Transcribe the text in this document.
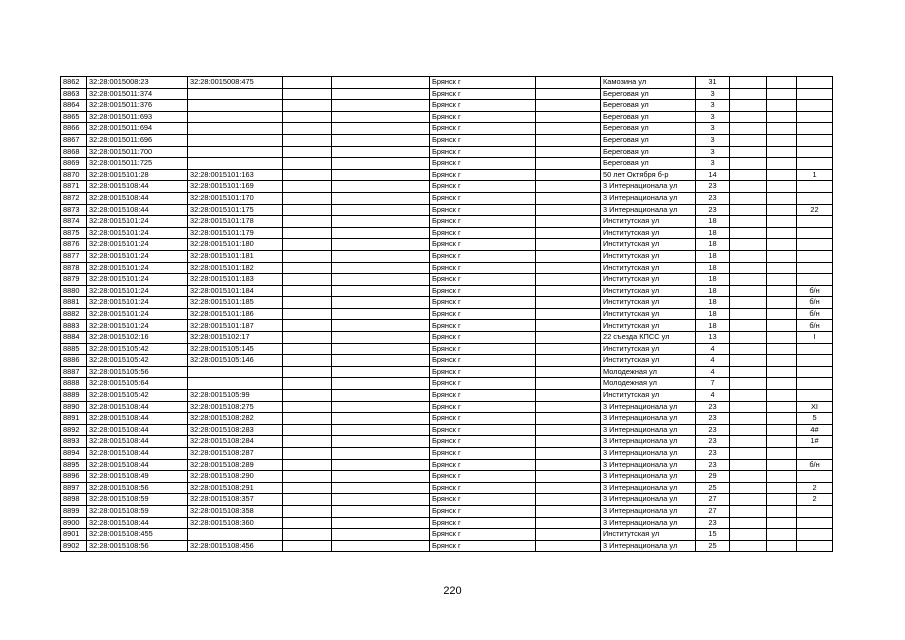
8862	32:28:0015008:23	32:28:0015008:475			Брянск г		Камозина ул	31			
8863	32:28:0015011:374				Брянск г		Береговая ул	3			
8864	32:28:0015011:376				Брянск г		Береговая ул	3			
8865	32:28:0015011:693				Брянск г		Береговая ул	3			
8866	32:28:0015011:694				Брянск г		Береговая ул	3			
8867	32:28:0015011:696				Брянск г		Береговая ул	3			
8868	32:28:0015011:700				Брянск г		Береговая ул	3			
8869	32:28:0015011:725				Брянск г		Береговая ул	3			
8870	32:28:0015101:28	32:28:0015101:163			Брянск г		50 лет Октября б-р	14			1
8871	32:28:0015108:44	32:28:0015101:169			Брянск г		3 Интернационала ул	23			
8872	32:28:0015108:44	32:28:0015101:170			Брянск г		3 Интернационала ул	23			
8873	32:28:0015108:44	32:28:0015101:175			Брянск г		3 Интернационала ул	23			22
8874	32:28:0015101:24	32:28:0015101:178			Брянск г		Институтская ул	18			
8875	32:28:0015101:24	32:28:0015101:179			Брянск г		Институтская ул	18			
8876	32:28:0015101:24	32:28:0015101:180			Брянск г		Институтская ул	18			
8877	32:28:0015101:24	32:28:0015101:181			Брянск г		Институтская ул	18			
8878	32:28:0015101:24	32:28:0015101:182			Брянск г		Институтская ул	18			
8879	32:28:0015101:24	32:28:0015101:183			Брянск г		Институтская ул	18			
8880	32:28:0015101:24	32:28:0015101:184			Брянск г		Институтская ул	18			б/н
8881	32:28:0015101:24	32:28:0015101:185			Брянск г		Институтская ул	18			б/н
8882	32:28:0015101:24	32:28:0015101:186			Брянск г		Институтская ул	18			б/н
8883	32:28:0015101:24	32:28:0015101:187			Брянск г		Институтская ул	18			б/н
8884	32:28:0015102:16	32:28:0015102:17			Брянск г		22 съезда КПСС ул	13			I
8885	32:28:0015105:42	32:28:0015105:145			Брянск г		Институтская ул	4			
8886	32:28:0015105:42	32:28:0015105:146			Брянск г		Институтская ул	4			
8887	32:28:0015105:56				Брянск г		Молодежная ул	4			
8888	32:28:0015105:64				Брянск г		Молодежная ул	7			
8889	32:28:0015105:42	32:28:0015105:99			Брянск г		Институтская ул	4			
8890	32:28:0015108:44	32:28:0015108:275			Брянск г		3 Интернационала ул	23			XI
8891	32:28:0015108:44	32:28:0015108:282			Брянск г		3 Интернационала ул	23			5
8892	32:28:0015108:44	32:28:0015108:283			Брянск г		3 Интернационала ул	23			4#
8893	32:28:0015108:44	32:28:0015108:284			Брянск г		3 Интернационала ул	23			1#
8894	32:28:0015108:44	32:28:0015108:287			Брянск г		3 Интернационала ул	23			
8895	32:28:0015108:44	32:28:0015108:289			Брянск г		3 Интернационала ул	23			б/н
8896	32:28:0015108:49	32:28:0015108:290			Брянск г		3 Интернационала ул	29			
8897	32:28:0015108:56	32:28:0015108:291			Брянск г		3 Интернационала ул	25			2
8898	32:28:0015108:59	32:28:0015108:357			Брянск г		3 Интернационала ул	27			2
8899	32:28:0015108:59	32:28:0015108:358			Брянск г		3 Интернационала ул	27			
8900	32:28:0015108:44	32:28:0015108:360			Брянск г		3 Интернационала ул	23			
8901	32:28:0015108:455				Брянск г		Институтская ул	15			
8902	32:28:0015108:56	32:28:0015108:456			Брянск г		3 Интернационала ул	25			
220
